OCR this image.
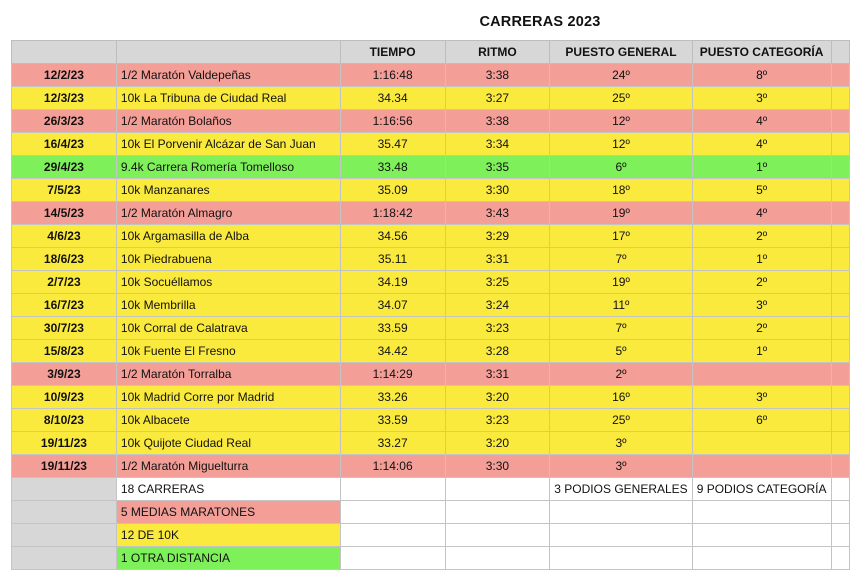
CARRERAS 2023
		TIEMPO	RITMO	PUESTO GENERAL	PUESTO CATEGORÍA	
12/2/23	1/2 Maratón Valdepeñas	1:16:48	3:38	24º	8º	
12/3/23	10k La Tribuna de Ciudad Real	34.34	3:27	25º	3º	
26/3/23	1/2 Maratón Bolaños	1:16:56	3:38	12º	4º	
16/4/23	10k El Porvenir Alcázar de San Juan	35.47	3:34	12º	4º	
29/4/23	9.4k Carrera Romería Tomelloso	33.48	3:35	6º	1º	
7/5/23	10k Manzanares	35.09	3:30	18º	5º	
14/5/23	1/2 Maratón Almagro	1:18:42	3:43	19º	4º	
4/6/23	10k Argamasilla de Alba	34.56	3:29	17º	2º	
18/6/23	10k Piedrabuena	35.11	3:31	7º	1º	
2/7/23	10k Socuéllamos	34.19	3:25	19º	2º	
16/7/23	10k Membrilla	34.07	3:24	11º	3º	
30/7/23	10k Corral de Calatrava	33.59	3:23	7º	2º	
15/8/23	10k Fuente El Fresno	34.42	3:28	5º	1º	
3/9/23	1/2 Maratón Torralba	1:14:29	3:31	2º		
10/9/23	10k Madrid Corre por Madrid	33.26	3:20	16º	3º	
8/10/23	10k Albacete	33.59	3:23	25º	6º	
19/11/23	10k Quijote Ciudad Real	33.27	3:20	3º		
19/11/23	1/2 Maratón Miguelturra	1:14:06	3:30	3º		
	18 CARRERAS			3 PODIOS GENERALES	9 PODIOS CATEGORÍA	
	5 MEDIAS MARATONES					
	12 DE 10K					
	1 OTRA DISTANCIA					
